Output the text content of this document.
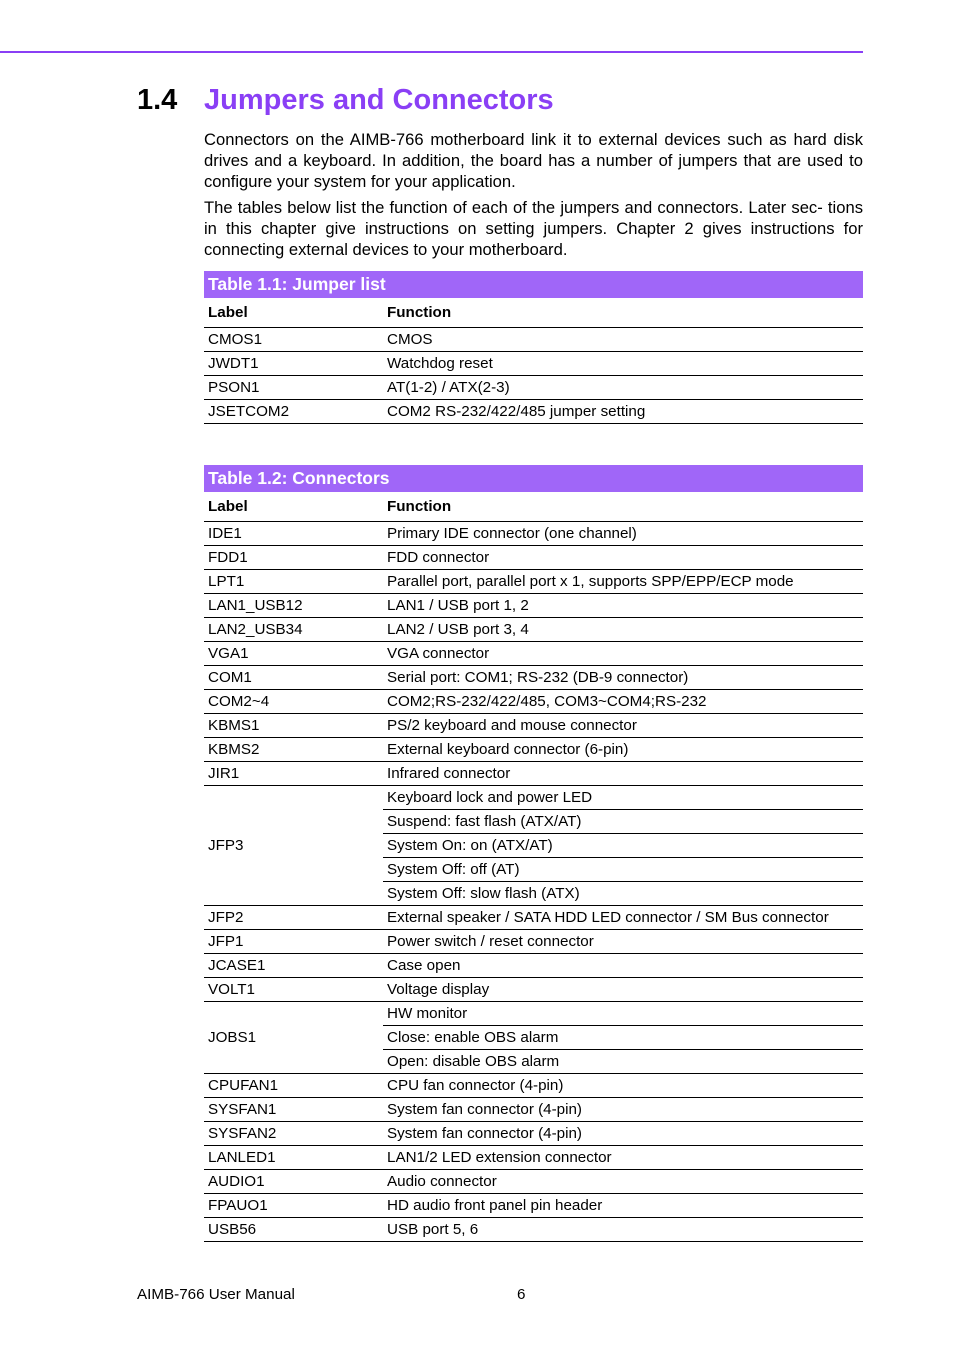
1.4 Jumpers and Connectors

Connectors on the AIMB-766 motherboard link it to external devices such as hard disk drives and a keyboard. In addition, the board has a number of jumpers that are used to configure your system for your application.

The tables below list the function of each of the jumpers and connectors. Later sec- tions in this chapter give instructions on setting jumpers. Chapter 2 gives instructions for connecting external devices to your motherboard.

Table 1.1: Jumper list
Label	Function
CMOS1	CMOS
JWDT1	Watchdog reset
PSON1	AT(1-2) / ATX(2-3)
JSETCOM2	COM2 RS-232/422/485 jumper setting
Table 1.2: Connectors
Label	Function
IDE1	Primary IDE connector (one channel)
FDD1	FDD connector
LPT1	Parallel port, parallel port x 1, supports SPP/EPP/ECP mode
LAN1_USB12	LAN1 / USB port 1, 2
LAN2_USB34	LAN2 / USB port 3, 4
VGA1	VGA connector
COM1	Serial port: COM1; RS-232 (DB-9 connector)
COM2~4	COM2;RS-232/422/485, COM3~COM4;RS-232
KBMS1	PS/2 keyboard and mouse connector
KBMS2	External keyboard connector (6-pin)
JIR1	Infrared connector
JFP3	Keyboard lock and power LED
	Suspend: fast flash (ATX/AT)
	System On: on (ATX/AT)
	System Off: off (AT)
	System Off: slow flash (ATX)
JFP2	External speaker / SATA HDD LED connector / SM Bus connector
JFP1	Power switch / reset connector
JCASE1	Case open
VOLT1	Voltage display
JOBS1	HW monitor
	Close: enable OBS alarm
	Open: disable OBS alarm
CPUFAN1	CPU fan connector (4-pin)
SYSFAN1	System fan connector (4-pin)
SYSFAN2	System fan connector (4-pin)
LANLED1	LAN1/2 LED extension connector
AUDIO1	Audio connector
FPAUO1	HD audio front panel pin header
USB56	USB port 5, 6
AIMB-766 User Manual	6
